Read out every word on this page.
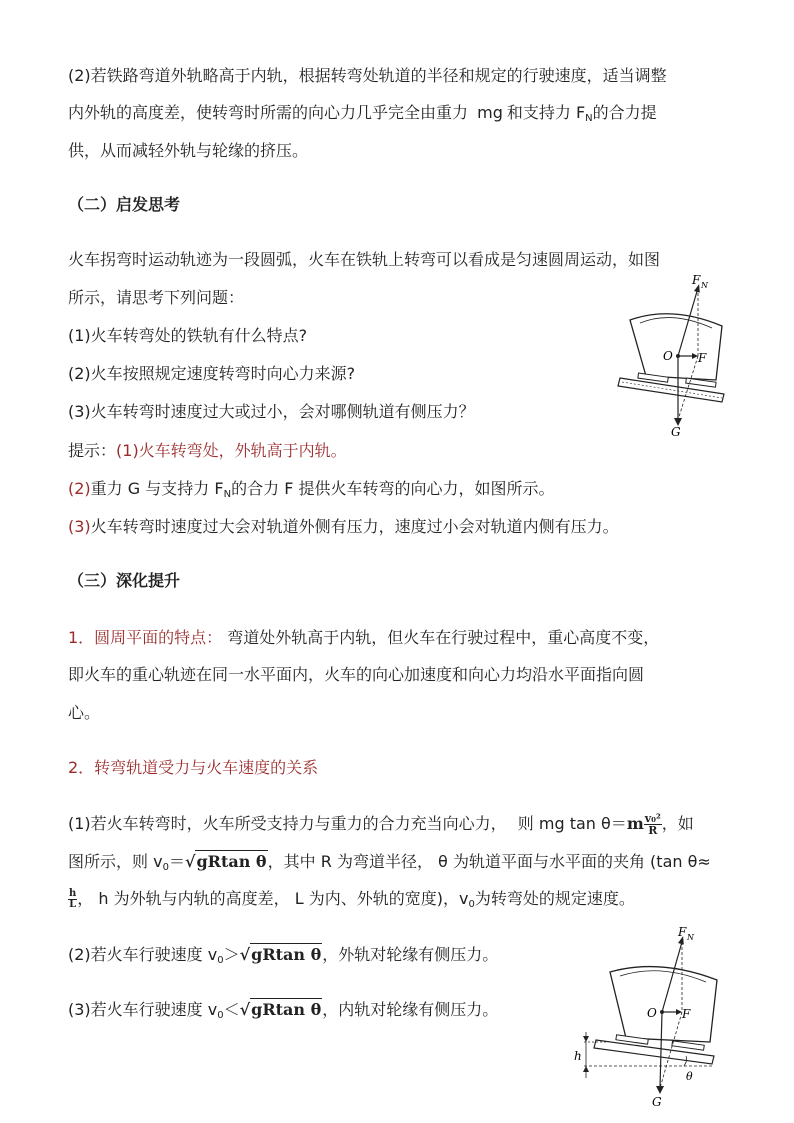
(2)若铁路弯道外轨略高于内轨，根据转弯处轨道的半径和规定的行驶速度，适当调整
内外轨的高度差，使转弯时所需的向心力几乎完全由重力 mg 和支持力 $F_N$的合力提
供，从而减轻外轨与轮缘的挤压。
（二）启发思考
火车拐弯时运动轨迹为一段圆弧，火车在铁轨上转弯可以看成是匀速圆周运动，如图
所示，请思考下列问题：
(1)火车转弯处的铁轨有什么特点?
(2)火车按照规定速度转弯时向心力来源?
(3)火车转弯时速度过大或过小，会对哪侧轨道有侧压力？
提示：(1)火车转弯处，外轨高于内轨。
(2)重力 G 与支持力 $F_N$的合力 F 提供火车转弯的向心力，如图所示。
(3)火车转弯时速度过大会对轨道外侧有压力，速度过小会对轨道内侧有压力。
F N
O F
G
（三）深化提升
1．圆周平面的特点： 弯道处外轨高于内轨，但火车在行驶过程中，重心高度不变，
即火车的重心轨迹在同一水平面内，火车的向心加速度和向心力均沿水平面指向圆
心。
2．转弯轨道受力与火车速度的关系
(1)若火车转弯时，火车所受支持力与重力的合力充当向心力， 则 mg $\tan \theta=m \frac{\text{v₀²}}{R}$ ，如
图所示，则 $v_0=√gRtan$ θ，其中 R 为弯道半径， θ 为轨道平面与水平面的夹角 (tan θ≈
$\frac{h}{L}$ ， h 为外轨与内轨的高度差， L 为内、外轨的宽度)，$v_0$为转弯处的规定速度。
(2)若火车行驶速度 $v_0>√gRtan$ θ，外轨对轮缘有侧压力。
(3)若火车行驶速度 $v_0<√gRtan$ θ，内轨对轮缘有侧压力。
F N
O F
G
h
θ
